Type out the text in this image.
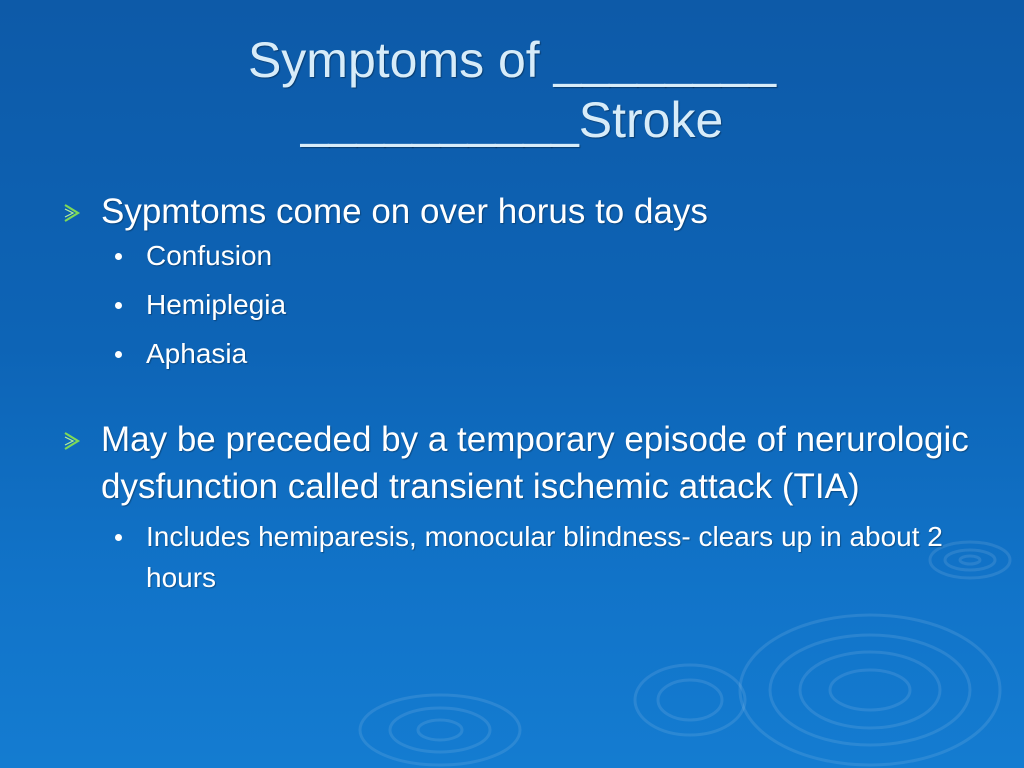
Symptoms of ________
__________Stroke
Sypmtoms come on over horus to days
Confusion
Hemiplegia
Aphasia
May be preceded by a temporary episode of nerurologic dysfunction called transient ischemic attack (TIA)
Includes hemiparesis, monocular blindness- clears up in about 2 hours
